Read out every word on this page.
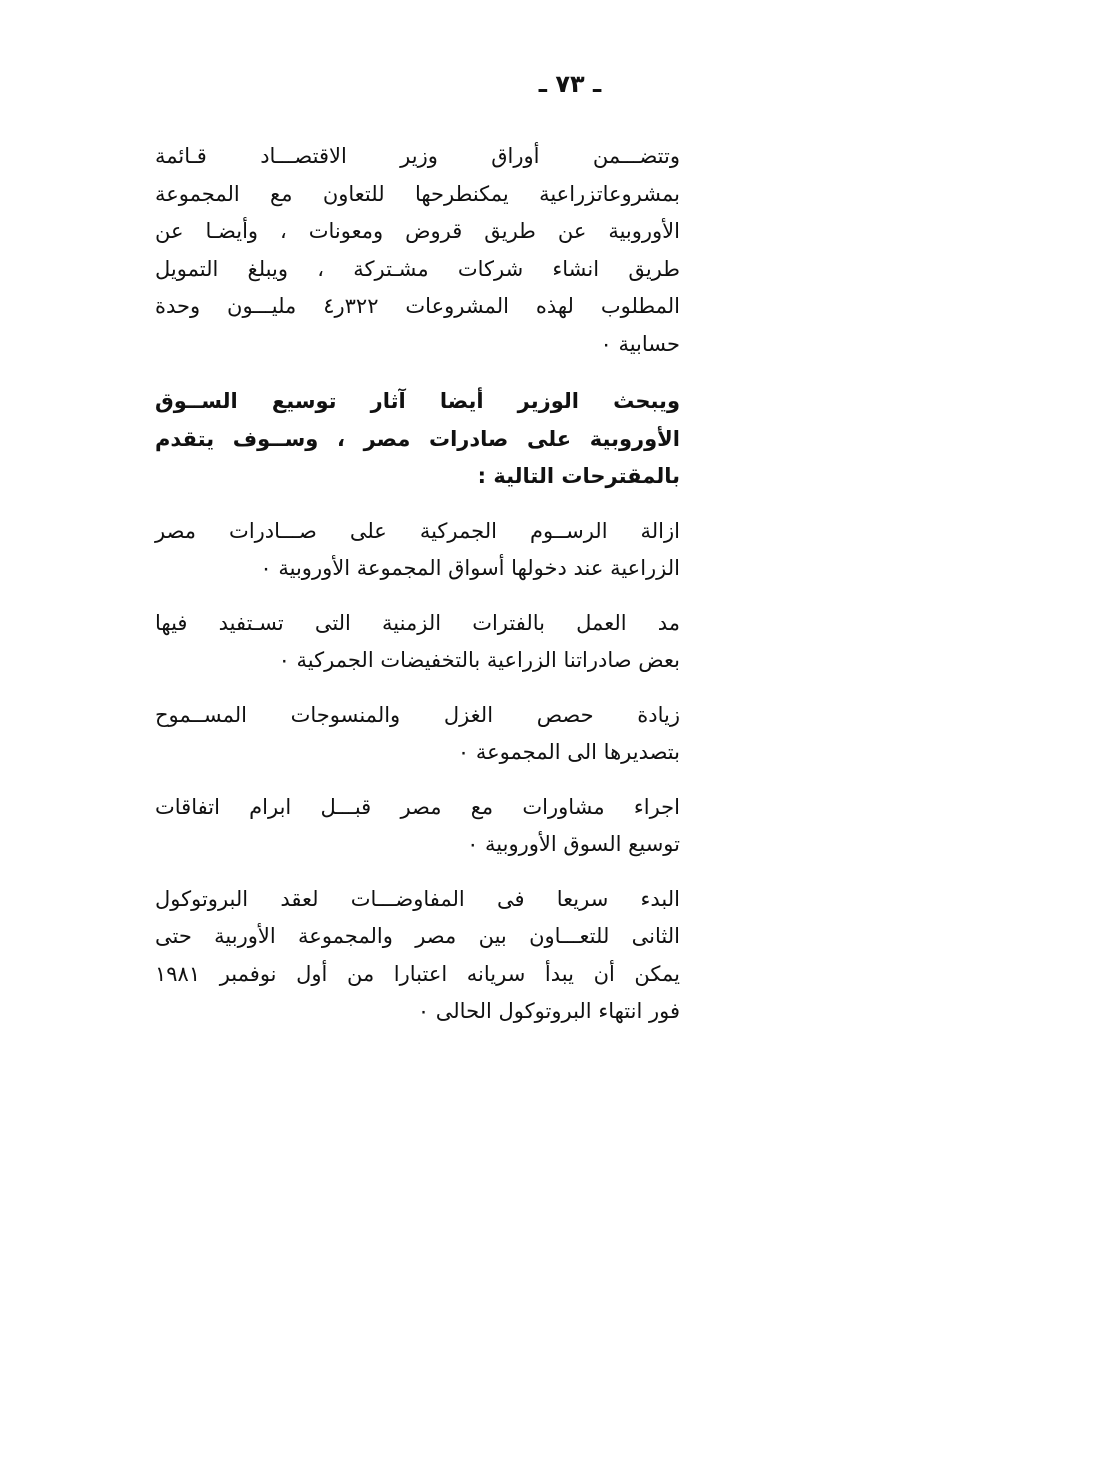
ـ ٧٣ ـ

وتتضـــمن أوراق وزير الاقتصـــاد قـائمة
بمشروعاتزراعية يمكنطرحها للتعاون مع المجموعة
الأوروبية عن طريق قروض ومعونات ، وأيضـا عن
طريق انشاء شركات مشـتركة ، ويبلغ التمويل
المطلوب لهذه المشروعات ٣٢٢ر٤ مليـــون وحدة
حسابية ٠

ويبحث الوزير أيضا آثار توسيع الســوق
الأوروبية على صادرات مصر ، وســوف يتقدم
بالمقترحات التالية :

ازالة الرســوم الجمركية على صـــادرات مصر
الزراعية عند دخولها أسواق المجموعة الأوروبية ٠

مد العمل بالفترات الزمنية التى تسـتفيد فيها
بعض صادراتنا الزراعية بالتخفيضات الجمركية ٠

زيادة حصص الغزل والمنسوجات المســموح
بتصديرها الى المجموعة ٠

اجراء مشاورات مع مصر قبـــل ابرام اتفاقات
توسيع السوق الأوروبية ٠

البدء سريعا فى المفاوضـــات لعقد البروتوكول
الثانى للتعـــاون بين مصر والمجموعة الأوربية حتى
يمكن أن يبدأ سريانه اعتبارا من أول نوفمبر ١٩٨١
فور انتهاء البروتوكول الحالى ٠
